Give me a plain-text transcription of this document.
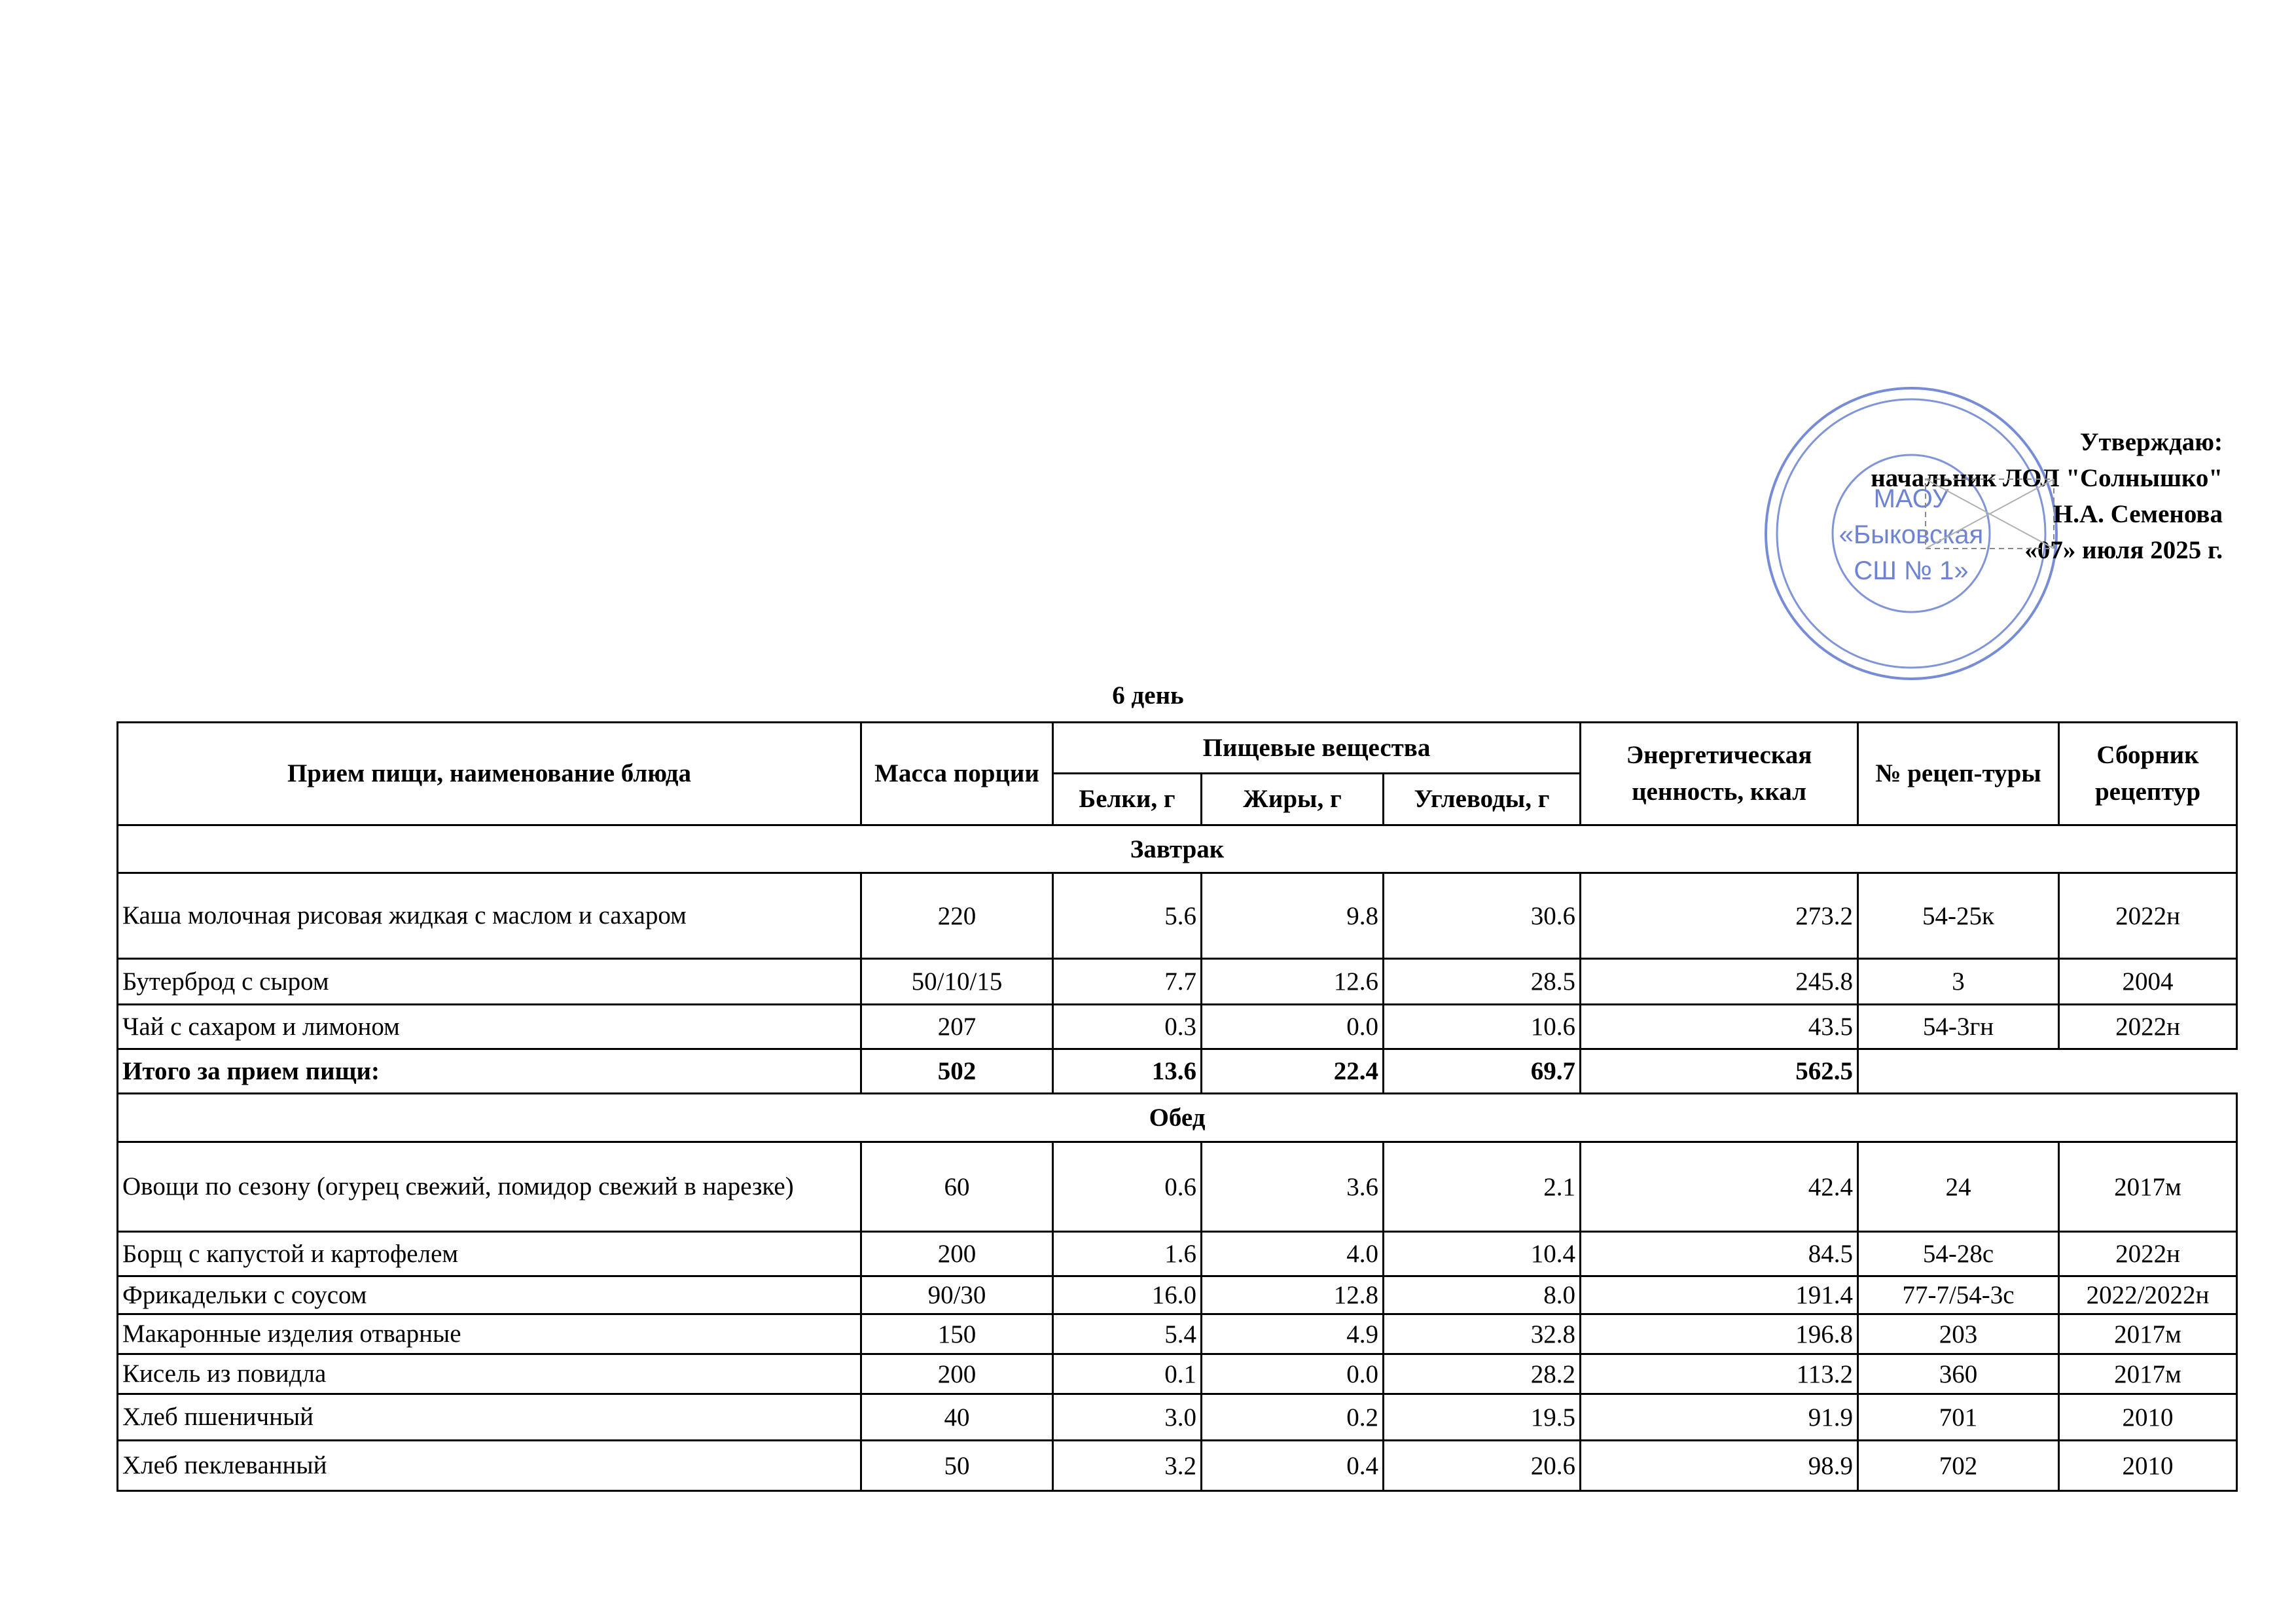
МАОУ
«Быковская
СШ № 1»
Утверждаю:
начальник ЛОЛ "Солнышко"
Н.А. Семенова
«07» июля 2025 г.
6 день
Прием пищи, наименование блюда	Масса порции	Пищевые вещества			Энергетическая ценность, ккал	№ рецеп-туры	Сборник рецептур
		Белки, г	Жиры, г	Углеводы, г			
Завтрак							
Каша молочная рисовая жидкая с маслом и сахаром	220	5.6	9.8	30.6	273.2	54-25к	2022н
Бутерброд с сыром	50/10/15	7.7	12.6	28.5	245.8	3	2004
Чай с сахаром и лимоном	207	0.3	0.0	10.6	43.5	54-3гн	2022н
Итого за прием пищи:	502	13.6	22.4	69.7	562.5		
Обед							
Овощи по сезону (огурец свежий, помидор свежий в нарезке)	60	0.6	3.6	2.1	42.4	24	2017м
Борщ с капустой и картофелем	200	1.6	4.0	10.4	84.5	54-28с	2022н
Фрикадельки с соусом	90/30	16.0	12.8	8.0	191.4	77-7/54-3с	2022/2022н
Макаронные изделия отварные	150	5.4	4.9	32.8	196.8	203	2017м
Кисель из повидла	200	0.1	0.0	28.2	113.2	360	2017м
Хлеб пшеничный	40	3.0	0.2	19.5	91.9	701	2010
Хлеб пеклеванный	50	3.2	0.4	20.6	98.9	702	2010
